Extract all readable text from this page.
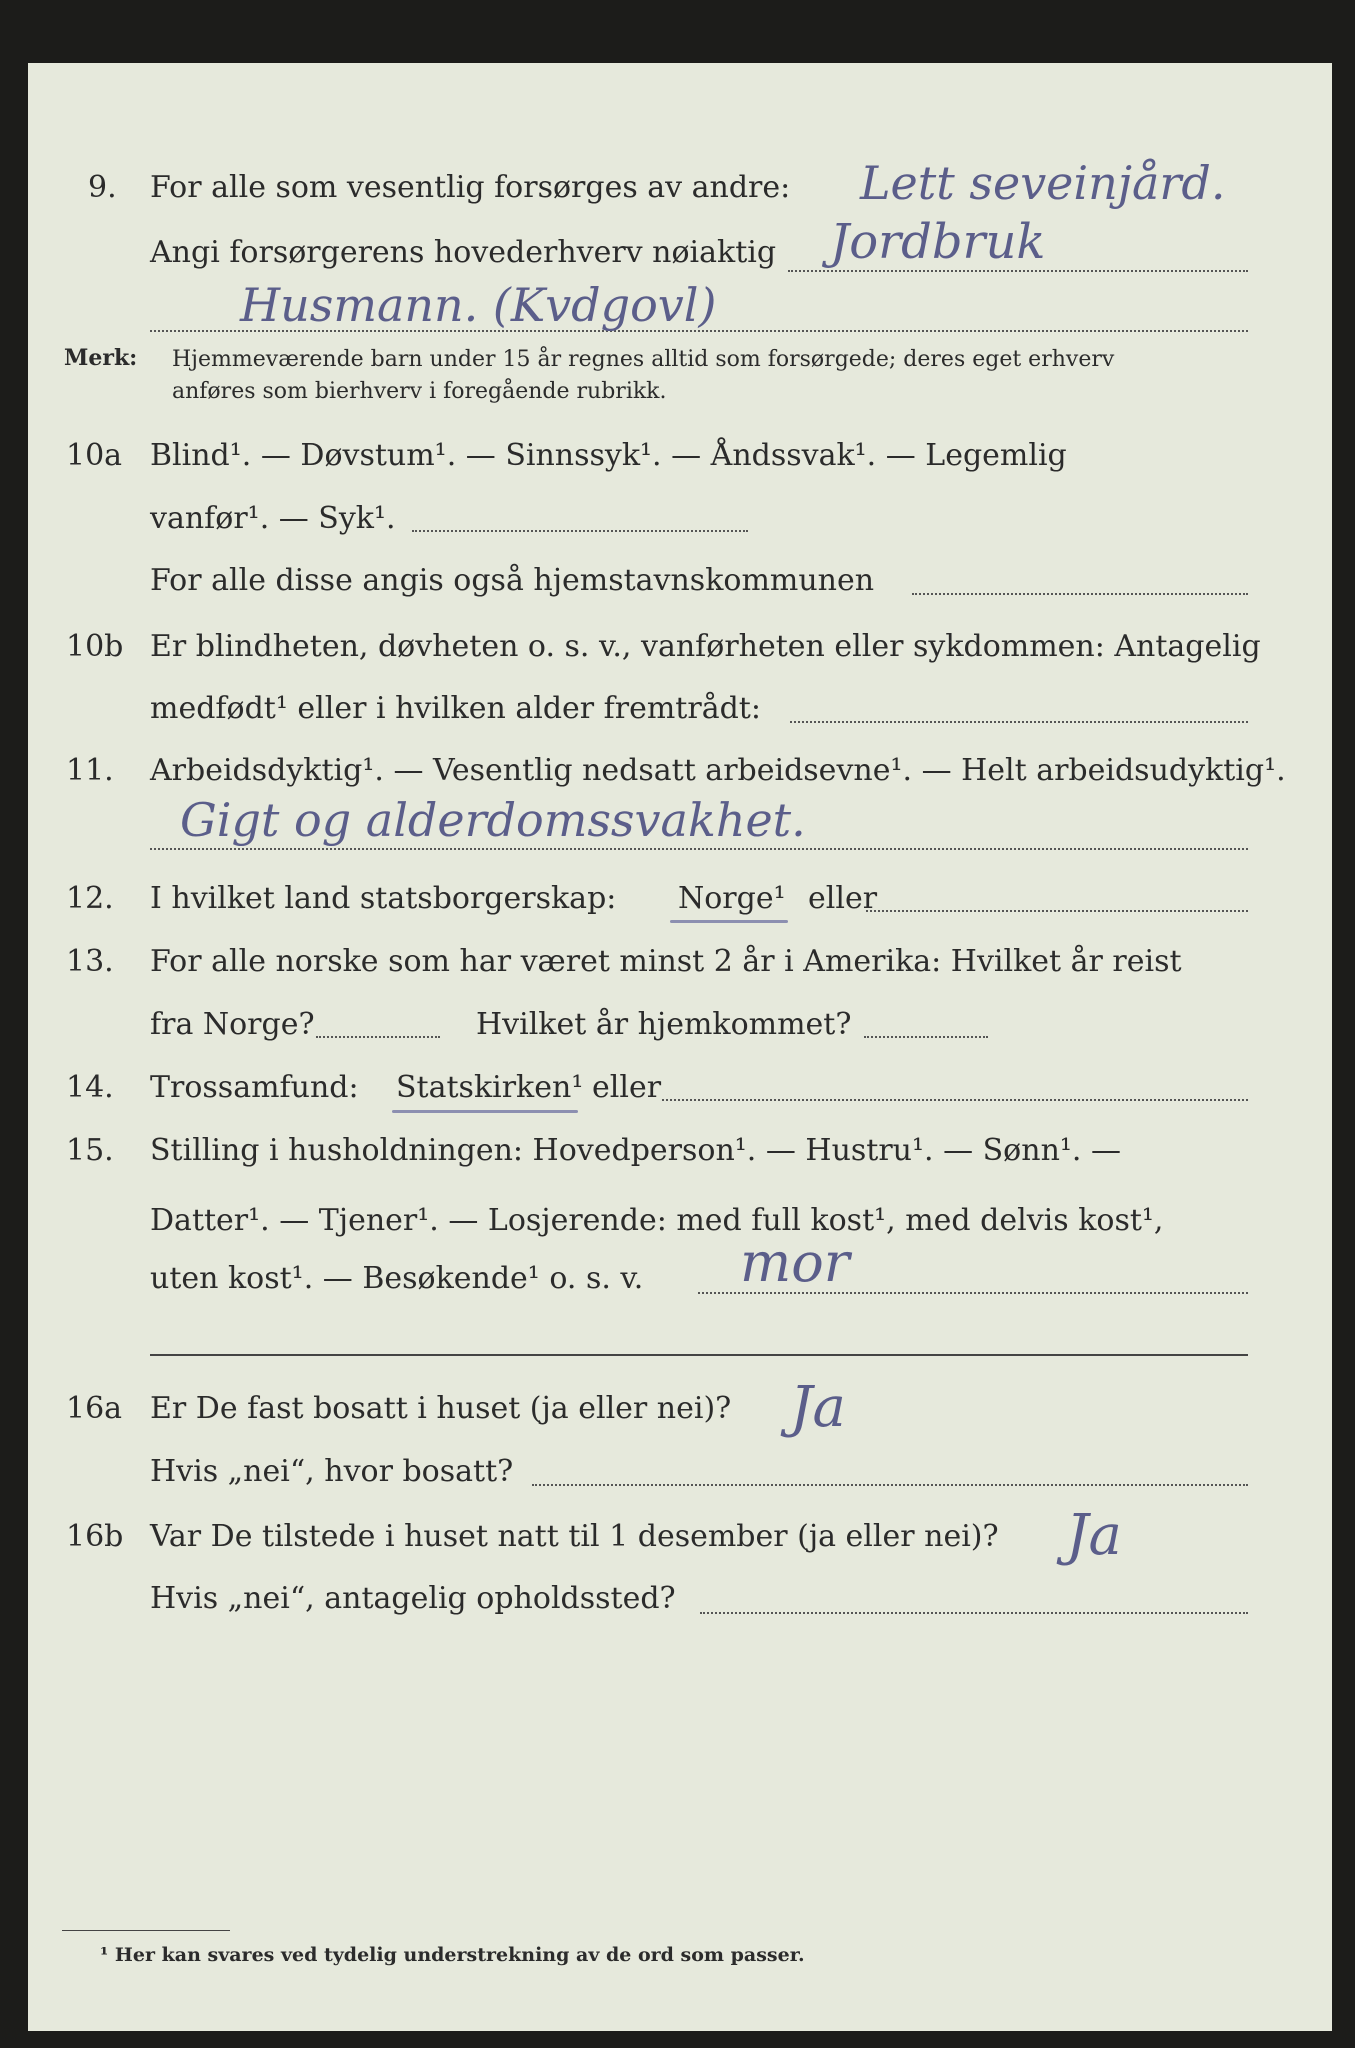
9. For alle som vesentlig forsørges av andre: Lett seveinjård.
Angi forsørgerens hovederhverv nøiaktig Jordbruk
Husmann. (Kvdgovl)
Merk: Hjemmeværende barn under 15 år regnes alltid som forsørgede; deres eget erhverv
anføres som bierhverv i foregående rubrikk.
10a Blind¹. — Døvstum¹. — Sinnssyk¹. — Åndssvak¹. — Legemlig
vanfør¹. — Syk¹.
For alle disse angis også hjemstavnskommunen
10b Er blindheten, døvheten o. s. v., vanførheten eller sykdommen: Antagelig
medfødt¹ eller i hvilken alder fremtrådt:
11. Arbeidsdyktig¹. — Vesentlig nedsatt arbeidsevne¹. — Helt arbeidsudyktig¹.
Gigt og alderdomssvakhet.
12. I hvilket land statsborgerskap: Norge¹ eller
13. For alle norske som har været minst 2 år i Amerika: Hvilket år reist
fra Norge?	Hvilket år hjemkommet?
14. Trossamfund: Statskirken¹ eller
15. Stilling i husholdningen: Hovedperson¹. — Hustru¹. — Sønn¹. —
Datter¹. — Tjener¹. — Losjerende: med full kost¹, med delvis kost¹,
uten kost¹. — Besøkende¹ o. s. v. mor
16a Er De fast bosatt i huset (ja eller nei)? Ja
Hvis „nei“, hvor bosatt?
16b Var De tilstede i huset natt til 1 desember (ja eller nei)? Ja
Hvis „nei“, antagelig opholdssted?
¹ Her kan svares ved tydelig understrekning av de ord som passer.
